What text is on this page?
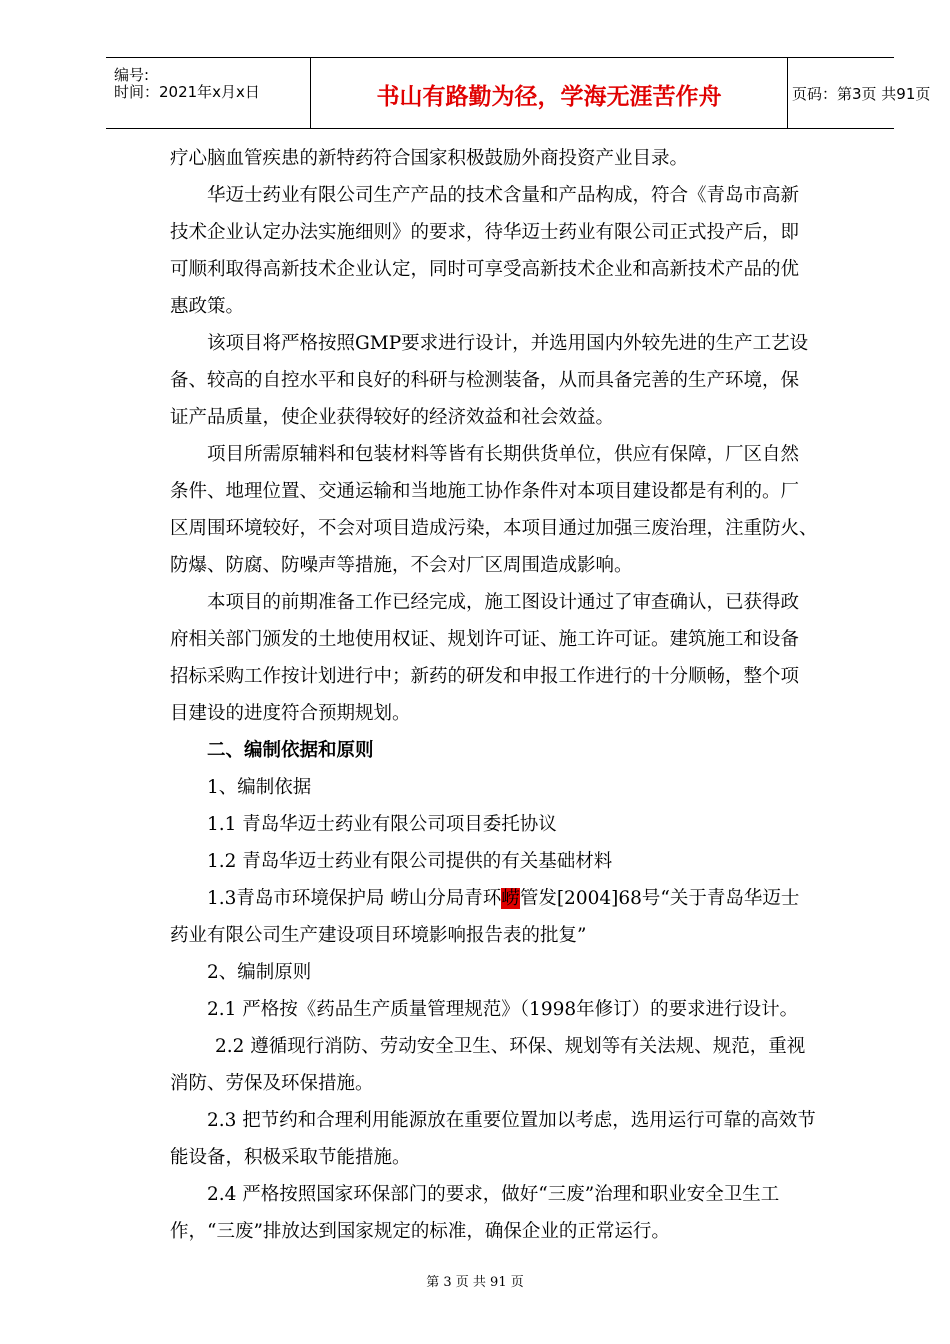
编号:
时间：2021年x月x日	书山有路勤为径，学海无涯苦作舟	页码：第3页 共91页
疗心脑血管疾患的新特药符合国家积极鼓励外商投资产业目录。
华迈士药业有限公司生产产品的技术含量和产品构成，符合《青岛市高新
技术企业认定办法实施细则》的要求，待华迈士药业有限公司正式投产后，即
可顺利取得高新技术企业认定，同时可享受高新技术企业和高新技术产品的优
惠政策。
该项目将严格按照GMP要求进行设计，并选用国内外较先进的生产工艺设
备、较高的自控水平和良好的科研与检测装备，从而具备完善的生产环境，保
证产品质量，使企业获得较好的经济效益和社会效益。
项目所需原辅料和包装材料等皆有长期供货单位，供应有保障，厂区自然
条件、地理位置、交通运输和当地施工协作条件对本项目建设都是有利的。厂
区周围环境较好，不会对项目造成污染，本项目通过加强三废治理，注重防火、
防爆、防腐、防噪声等措施，不会对厂区周围造成影响。
本项目的前期准备工作已经完成，施工图设计通过了审查确认，已获得政
府相关部门颁发的土地使用权证、规划许可证、施工许可证。建筑施工和设备
招标采购工作按计划进行中；新药的研发和申报工作进行的十分顺畅，整个项
目建设的进度符合预期规划。
二、编制依据和原则
1、编制依据
1.1 青岛华迈士药业有限公司项目委托协议
1.2 青岛华迈士药业有限公司提供的有关基础材料
1.3青岛市环境保护局 崂山分局青环崂管发[2004]68号“关于青岛华迈士
药业有限公司生产建设项目环境影响报告表的批复”
2、编制原则
2.1 严格按《药品生产质量管理规范》（1998年修订）的要求进行设计。
2.2 遵循现行消防、劳动安全卫生、环保、规划等有关法规、规范，重视
消防、劳保及环保措施。
2.3 把节约和合理利用能源放在重要位置加以考虑，选用运行可靠的高效节
能设备，积极采取节能措施。
2.4 严格按照国家环保部门的要求，做好“三废”治理和职业安全卫生工
作，“三废”排放达到国家规定的标准，确保企业的正常运行。
第 3 页 共 91 页
